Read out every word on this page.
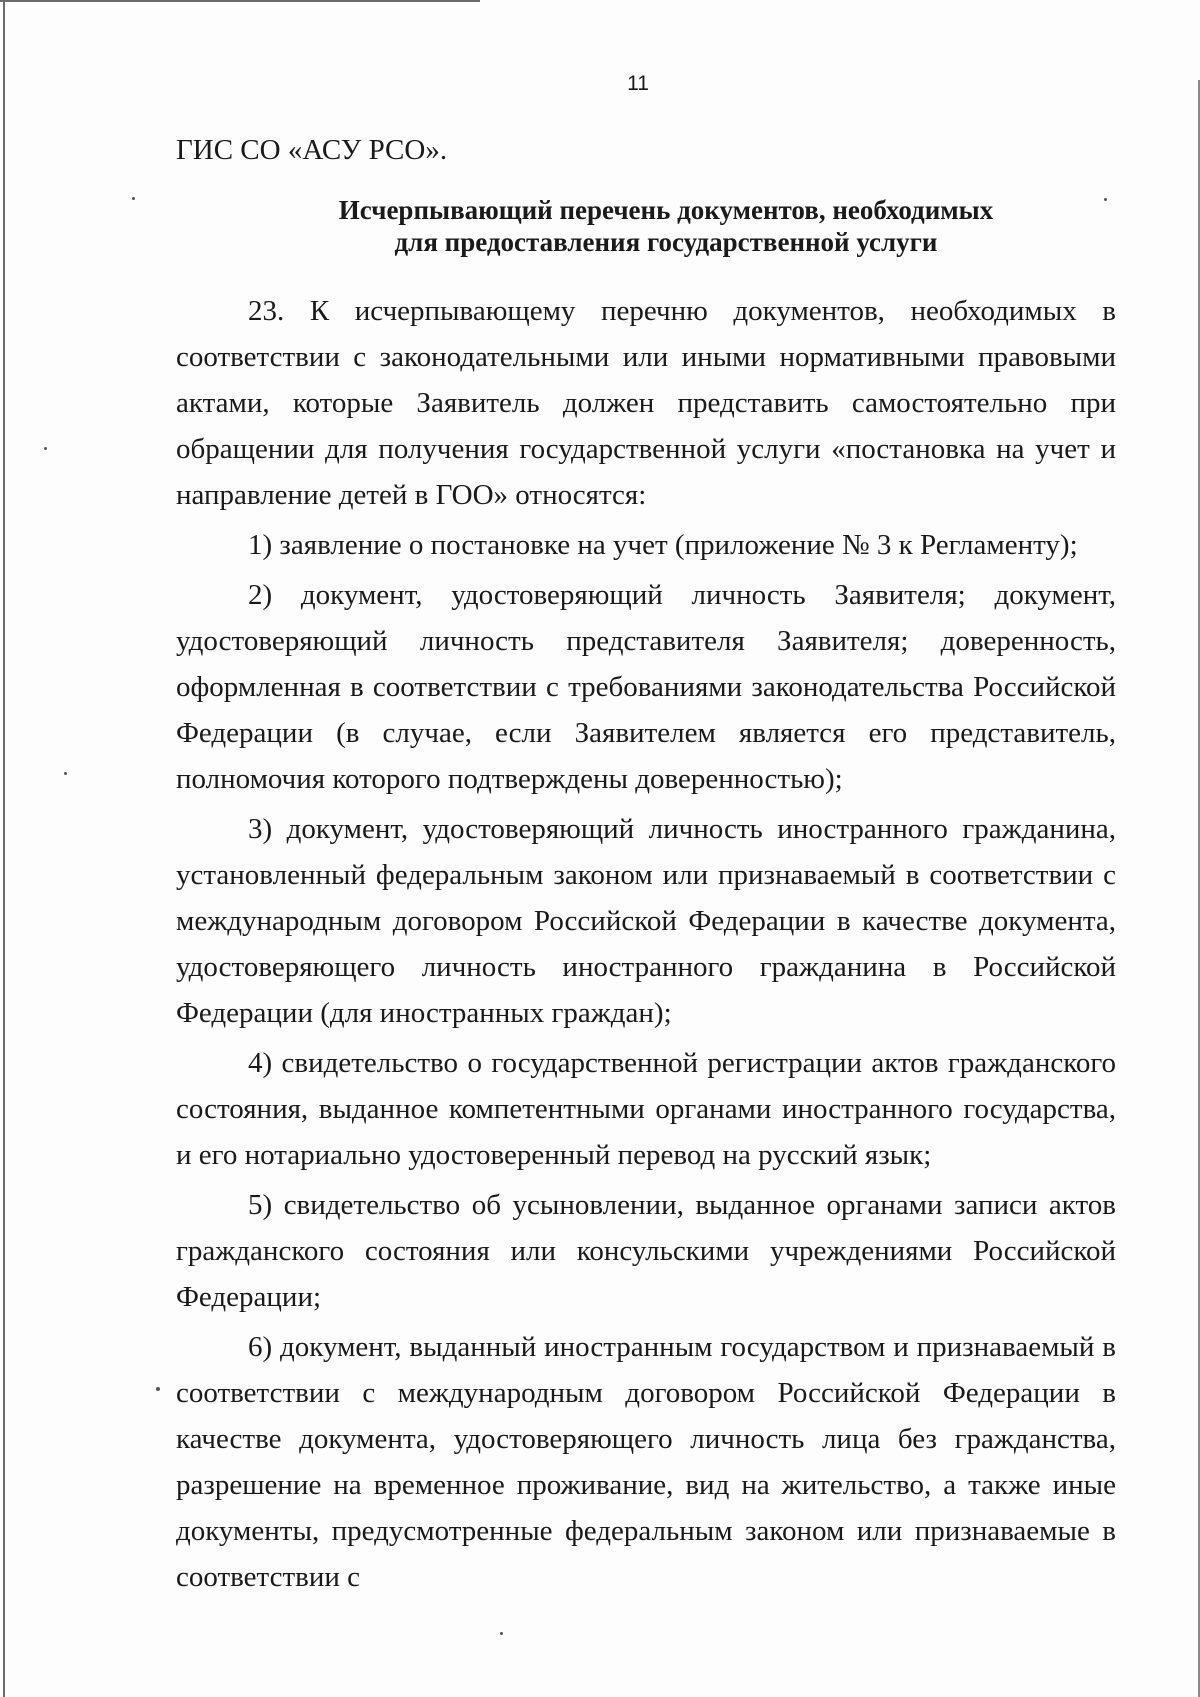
11

ГИС СО «АСУ РСО».

Исчерпывающий перечень документов, необходимых
для предоставления государственной услуги

23. К исчерпывающему перечню документов, необходимых в соответствии с законодательными или иными нормативными правовыми актами, которые Заявитель должен представить самостоятельно при обращении для получения государственной услуги «постановка на учет и направление детей в ГОО» относятся:

1) заявление о постановке на учет (приложение № 3 к Регламенту);

2) документ, удостоверяющий личность Заявителя; документ, удостоверяющий личность представителя Заявителя; доверенность, оформленная в соответствии с требованиями законодательства Российской Федерации (в случае, если Заявителем является его представитель, полномочия которого подтверждены доверенностью);

3) документ, удостоверяющий личность иностранного гражданина, установленный федеральным законом или признаваемый в соответствии с международным договором Российской Федерации в качестве документа, удостоверяющего личность иностранного гражданина в Российской Федерации (для иностранных граждан);

4) свидетельство о государственной регистрации актов гражданского состояния, выданное компетентными органами иностранного государства, и его нотариально удостоверенный перевод на русский язык;

5) свидетельство об усыновлении, выданное органами записи актов гражданского состояния или консульскими учреждениями Российской Федерации;

6) документ, выданный иностранным государством и признаваемый в соответствии с международным договором Российской Федерации в качестве документа, удостоверяющего личность лица без гражданства, разрешение на временное проживание, вид на жительство, а также иные документы, предусмотренные федеральным законом или признаваемые в соответствии с
